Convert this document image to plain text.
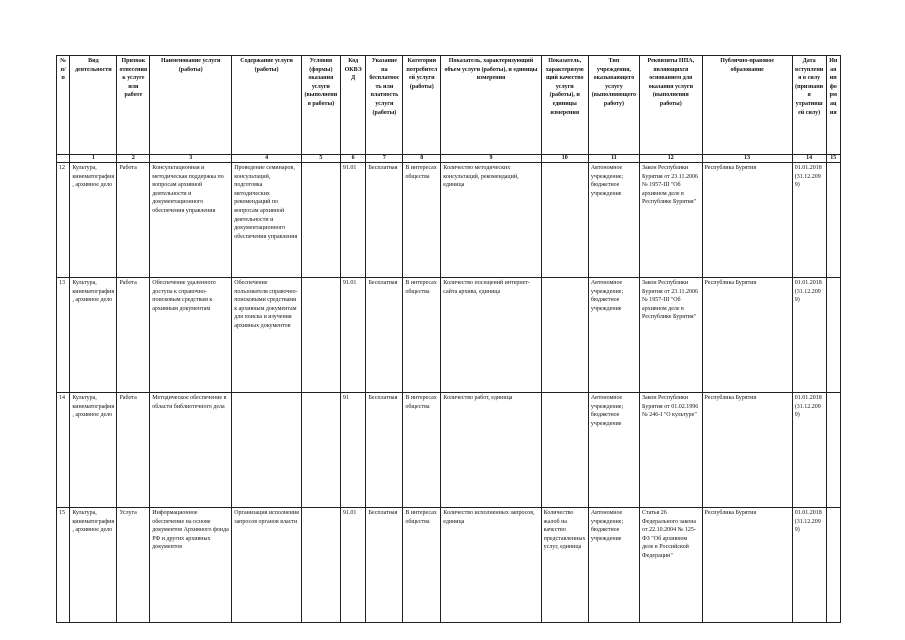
№ п/п	Вид деятельности	Признак отнесения к услуге или работе	Наименование услуги (работы)	Содержание услуги (работы)	Условия (формы) оказания услуги (выполнения работы)	Код ОКВЭД	Указание на бесплатность или платность услуги (работы)	Категории потребителей услуги (работы)	Показатель, характеризующий объем услуги (работы), и единицы измерения	Показатель, характеризующий качество услуги (работы), и единицы измерения	Тип учреждения, оказывающего услугу (выполняющего работу)	Реквизиты НПА, являющихся основанием для оказания услуги (выполнения работы)	Публично-правовое образование	Дата вступления в силу (признания утратившей силу)	Иная информация
	1	2	3	4	5	6	7	8	9	10	11	12	13	14	15
12	Культура, кинематография, архивное дело	Работа	Консультационная и методическая поддержка по вопросам архивной деятельности и документационного обеспечения управления	Проведение семинаров, консультаций, подготовка методических рекомендаций по вопросам архивной деятельности и документационного обеспечения управления		91.01	Бесплатная	В интересах общества	Количество методических консультаций, рекомендаций, единица		Автономное учреждение; бюджетное учреждение	Закон Республики Бурятия от 23.11.2006 № 1957-III "Об архивном деле в Республике Бурятия"	Республика Бурятия	01.01.2018 (31.12.2099)	
13	Культура, кинематография, архивное дело	Работа	Обеспечение удаленного доступа к справочно-поисковым средствам к архивным документам	Обеспечение пользователя справочно-поисковыми средствами к архивным документам для поиска и изучения архивных документов		91.01	Бесплатная	В интересах общества	Количество посещений интернет-сайта архива, единица		Автономное учреждение; бюджетное учреждение	Закон Республики Бурятия от 23.11.2006 № 1957-III "Об архивном деле в Республике Бурятия"	Республика Бурятия	01.01.2018 (31.12.2099)	
14	Культура, кинематография, архивное дело	Работа	Методическое обеспечение в области библиотечного дела			91	Бесплатная	В интересах общества	Количество работ, единица		Автономное учреждение; бюджетное учреждение	Закон Республики Бурятия от 01.02.1996 № 246-I "О культуре"	Республика Бурятия	01.01.2018 (31.12.2099)	
15	Культура, кинематография, архивное дело	Услуга	Информационное обеспечение на основе документов Архивного фонда РФ и других архивных документов	Организация исполнения запросов органов власти		91.01	Бесплатная	В интересах общества	Количество исполненных запросов, единица	Количество жалоб на качество представленных услуг, единица	Автономное учреждение; бюджетное учреждение	Статья 26 Федерального закона от 22.10.2004 № 125-ФЗ "Об архивном деле в Российской Федерации"	Республика Бурятия	01.01.2018 (31.12.2099)	
